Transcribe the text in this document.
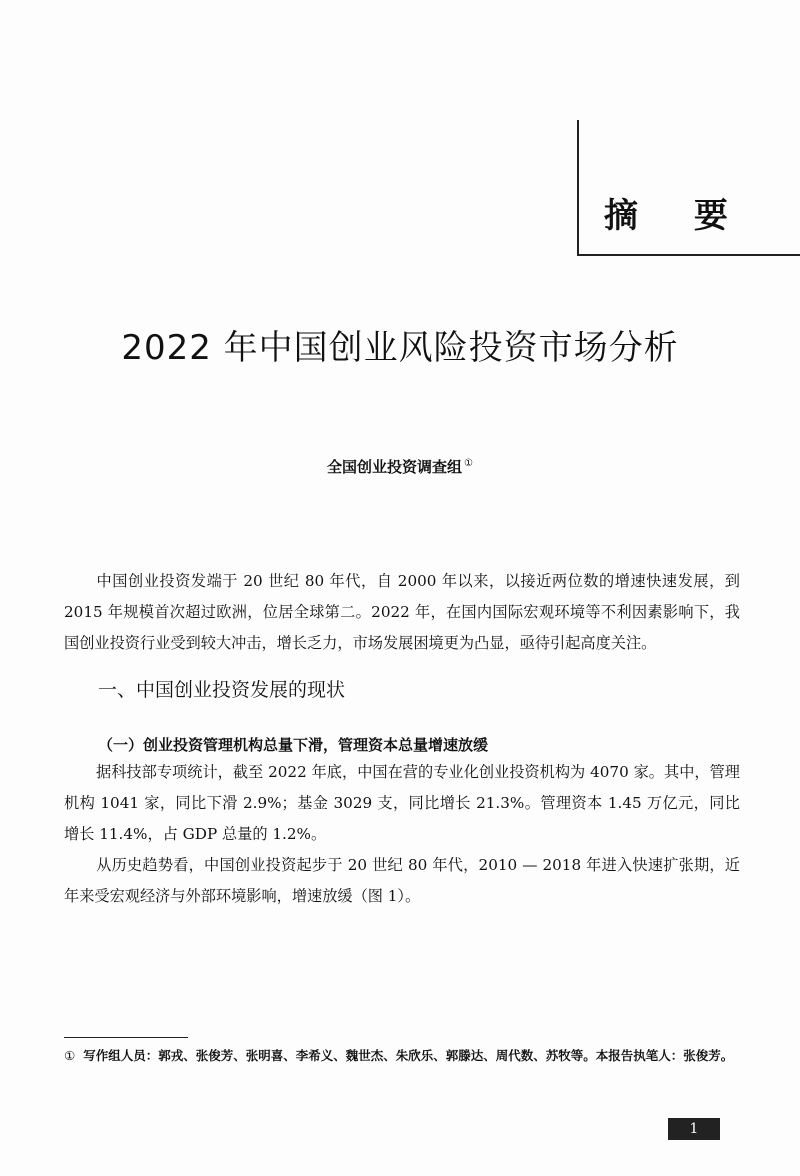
摘 要
2022 年中国创业风险投资市场分析
全国创业投资调查组 ①

中国创业投资发端于 20 世纪 80 年代，自 2000 年以来，以接近两位数的增速快速发展，到 2015 年规模首次超过欧洲，位居全球第二。2022 年，在国内国际宏观环境等不利因素影响下，我国创业投资行业受到较大冲击，增长乏力，市场发展困境更为凸显，亟待引起高度关注。

一、中国创业投资发展的现状
（一）创业投资管理机构总量下滑，管理资本总量增速放缓

据科技部专项统计，截至 2022 年底，中国在营的专业化创业投资机构为 4070 家。其中，管理机构 1041 家，同比下滑 2.9%；基金 3029 支，同比增长 21.3%。管理资本 1.45 万亿元，同比增长 11.4%，占 GDP 总量的 1.2%。

从历史趋势看，中国创业投资起步于 20 世纪 80 年代，2010 — 2018 年进入快速扩张期，近年来受宏观经济与外部环境影响，增速放缓（图 1）。

① 写作组人员：郭戎、张俊芳、张明喜、李希义、魏世杰、朱欣乐、郭滕达、周代数、苏牧等。本报告执笔人：张俊芳。
1
